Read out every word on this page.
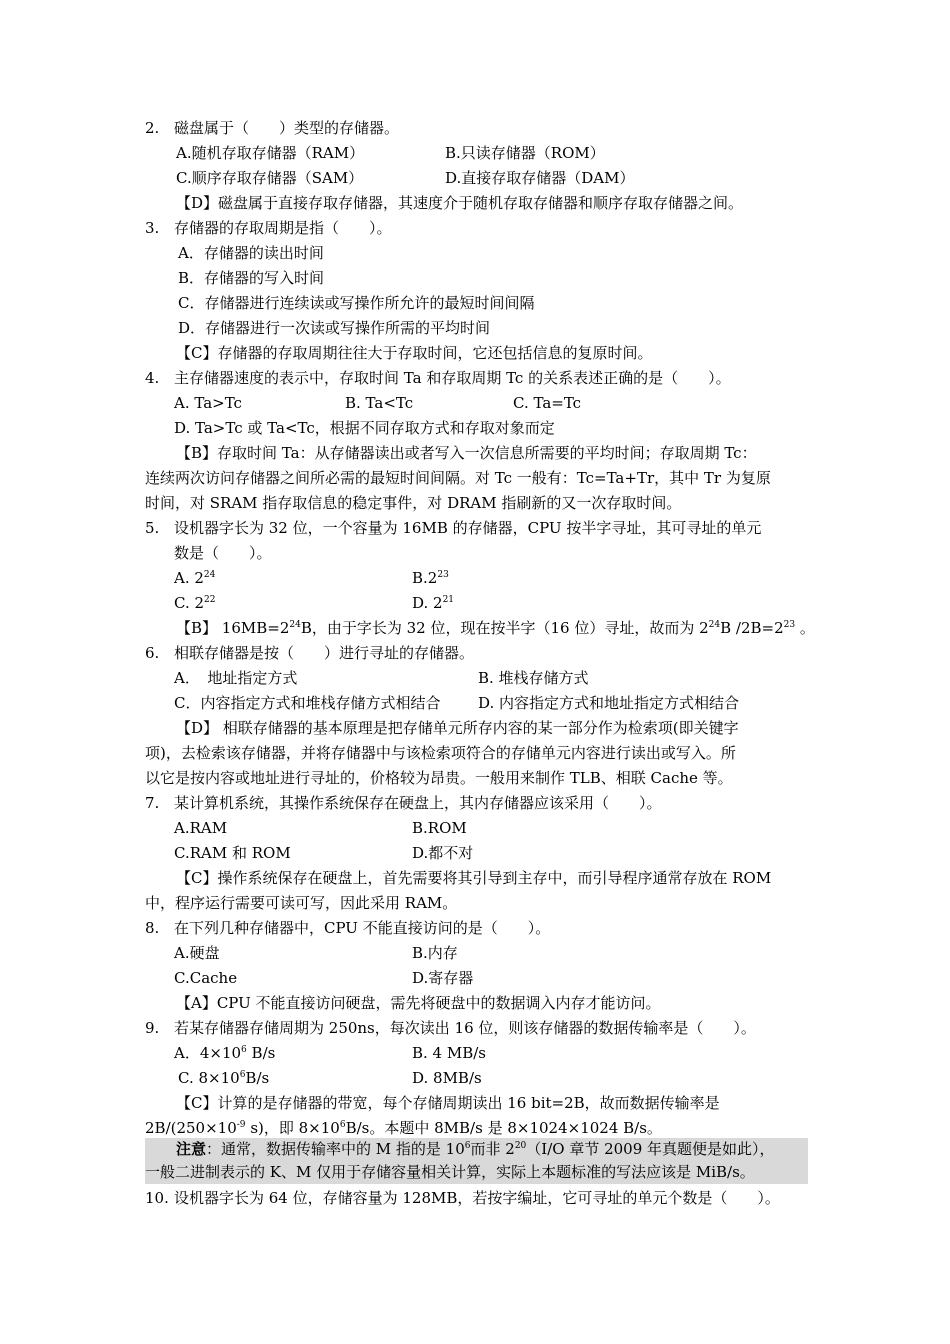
2. 磁盘属于（　　）类型的存储器。
A.随机存取存储器（RAM）	B.只读存储器（ROM）
C.顺序存取存储器（SAM）	D.直接存取存储器（DAM）
【D】磁盘属于直接存取存储器，其速度介于随机存取存储器和顺序存取存储器之间。
3. 存储器的存取周期是指（　　）。
A．存储器的读出时间
B．存储器的写入时间
C．存储器进行连续读或写操作所允许的最短时间间隔
D．存储器进行一次读或写操作所需的平均时间
【C】存储器的存取周期往往大于存取时间，它还包括信息的复原时间。
4. 主存储器速度的表示中，存取时间 Ta 和存取周期 Tc 的关系表述正确的是（　　）。
A. Ta>Tc	B. Ta<Tc	C. Ta=Tc
D. Ta>Tc 或 Ta<Tc，根据不同存取方式和存取对象而定
【B】存取时间 Ta：从存储器读出或者写入一次信息所需要的平均时间；存取周期 Tc：
连续两次访问存储器之间所必需的最短时间间隔。对 Tc 一般有：Tc=Ta+Tr，其中 Tr 为复原
时间，对 SRAM 指存取信息的稳定事件，对 DRAM 指刷新的又一次存取时间。
5. 设机器字长为 32 位，一个容量为 16MB 的存储器，CPU 按半字寻址，其可寻址的单元
数是（　　）。
A. $2^{24}$	$B.2^{23}$
C. $2^{22}$	D. $2^{21}$
【B】 $16MB=2^{24}B$，由于字长为 32 位，现在按半字（16 位）寻址，故而为 $2^{24}B$ $/2B=2^{23}$ 。
6. 相联存储器是按（　　）进行寻址的存储器。
A．　地址指定方式	B. 堆栈存储方式
C．内容指定方式和堆栈存储方式相结合	D. 内容指定方式和地址指定方式相结合
【D】 相联存储器的基本原理是把存储单元所存内容的某一部分作为检索项(即关键字
项)，去检索该存储器，并将存储器中与该检索项符合的存储单元内容进行读出或写入。所
以它是按内容或地址进行寻址的，价格较为昂贵。一般用来制作 TLB、相联 Cache 等。
7. 某计算机系统，其操作系统保存在硬盘上，其内存储器应该采用（　　）。
A.RAM	B.ROM
C.RAM 和 ROM	D.都不对
【C】操作系统保存在硬盘上，首先需要将其引导到主存中，而引导程序通常存放在 ROM
中，程序运行需要可读可写，因此采用 RAM。
8. 在下列几种存储器中，CPU 不能直接访问的是（　　）。
A.硬盘	B.内存
C.Cache	D.寄存器
【A】CPU 不能直接访问硬盘，需先将硬盘中的数据调入内存才能访问。
9. 若某存储器存储周期为 250ns，每次读出 16 位，则该存储器的数据传输率是（　　）。
A．$4\times 10^6$ B/s	B. 4 MB/s
C. $8\times 10^6B/s$	D. 8MB/s
【C】计算的是存储器的带宽，每个存储周期读出 16 bit=2B，故而数据传输率是
$2B/(250\times 10^{-9}$ s)，即 $8\times 10^6B/s$。本题中 8MB/s 是 8×1024×1024 B/s。
注意：通常，数据传输率中的 M 指的是 $10^6$而非 $2^{20}(I/O$ 章节 2009 年真题便是如此），
一般二进制表示的 K、M 仅用于存储容量相关计算，实际上本题标准的写法应该是 MiB/s。
10. 设机器字长为 64 位，存储容量为 128MB，若按字编址，它可寻址的单元个数是（　　）。
